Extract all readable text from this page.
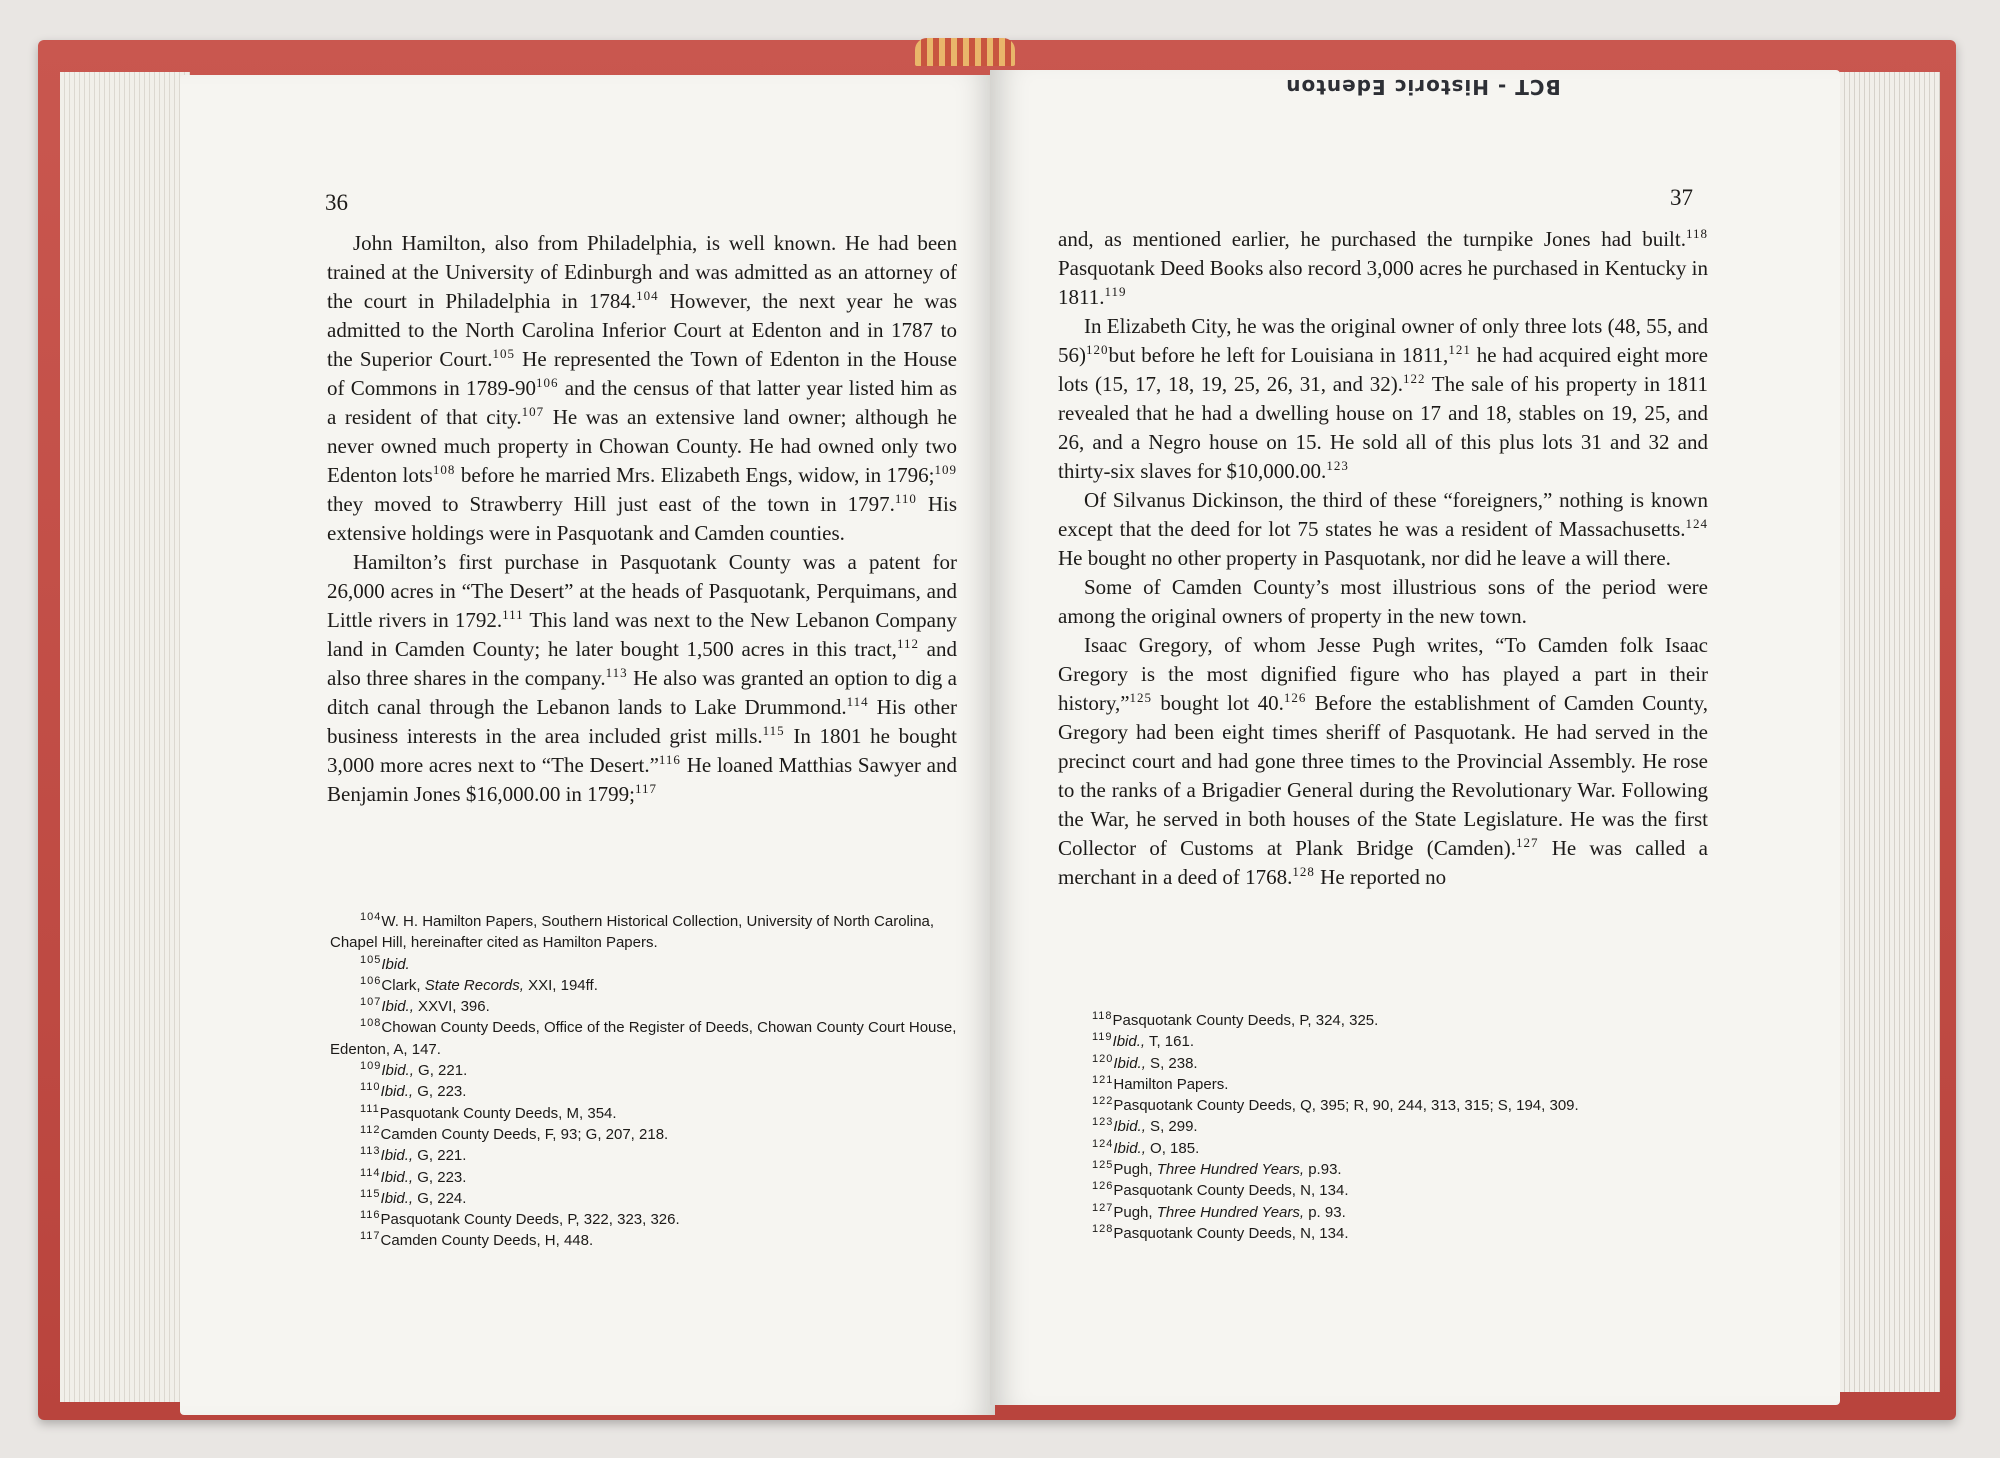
36

John Hamilton, also from Philadelphia, is well known. He had been trained at the University of Edinburgh and was admitted as an attorney of the court in Philadelphia in 1784.$^{104}$ However, the next year he was admitted to the North Carolina Inferior Court at Edenton and in 1787 to the Superior Court.$^{105}$ He represented the Town of Edenton in the House of Commons in $1789-90^{106}$ and the census of that latter year listed him as a resident of that city.$^{107}$ He was an extensive land owner; although he never owned much property in Chowan County. He had owned only two Edenton lots$^{108}$ before he married Mrs. Elizabeth Engs, widow, in 1796;$^{109}$ they moved to Strawberry Hill just east of the town in 1797.$^{110}$ His extensive holdings were in Pasquotank and Camden counties.

Hamilton’s first purchase in Pasquotank County was a patent for 26,000 acres in “The Desert” at the heads of Pasquotank, Perquimans, and Little rivers in 1792.$^{111}$ This land was next to the New Lebanon Company land in Camden County; he later bought 1,500 acres in this tract,$^{112}$ and also three shares in the company.$^{113}$ He also was granted an option to dig a ditch canal through the Lebanon lands to Lake Drummond.$^{114}$ His other business interests in the area included grist mills.$^{115}$ In 1801 he bought 3,000 more acres next to “The Desert.”$^{116}$ He loaned Matthias Sawyer and Benjamin Jones $16,000.00 in 1799;$^{117}$

$^{104}$W. H. Hamilton Papers, Southern Historical Collection, University of North Carolina, Chapel Hill, hereinafter cited as Hamilton Papers.
$^{105}$Ibid.
$^{106}$Clark, State Records, XXI, 194ff.
$^{107}$Ibid., XXVI, 396.
$^{108}$Chowan County Deeds, Office of the Register of Deeds, Chowan County Court House, Edenton, A, 147.
$^{109}$Ibid., G, 221.
$^{110}$Ibid., G, 223.
$^{111}$Pasquotank County Deeds, M, 354.
$^{112}$Camden County Deeds, F, 93; G, 207, 218.
$^{113}$Ibid., G, 221.
$^{114}$Ibid., G, 223.
$^{115}$Ibid., G, 224.
$^{116}$Pasquotank County Deeds, P, 322, 323, 326.
$^{117}$Camden County Deeds, H, 448.
BCT - Historic Edenton
37

and, as mentioned earlier, he purchased the turnpike Jones had built.$^{118}$ Pasquotank Deed Books also record 3,000 acres he purchased in Kentucky in 1811.$^{119}$

In Elizabeth City, he was the original owner of only three lots (48, 55, and 56)$^{120}$but before he left for Louisiana in 1811,$^{121}$ he had acquired eight more lots (15, 17, 18, 19, 25, 26, 31, and 32).$^{122}$ The sale of his property in 1811 revealed that he had a dwelling house on 17 and 18, stables on 19, 25, and 26, and a Negro house on 15. He sold all of this plus lots 31 and 32 and thirty-six slaves for $10,000.00.$^{123}$

Of Silvanus Dickinson, the third of these “foreigners,” nothing is known except that the deed for lot 75 states he was a resident of Massachusetts.$^{124}$ He bought no other property in Pasquotank, nor did he leave a will there.

Some of Camden County’s most illustrious sons of the period were among the original owners of property in the new town.

Isaac Gregory, of whom Jesse Pugh writes, “To Camden folk Isaac Gregory is the most dignified figure who has played a part in their history,”$^{125}$ bought lot 40.$^{126}$ Before the establishment of Camden County, Gregory had been eight times sheriff of Pasquotank. He had served in the precinct court and had gone three times to the Provincial Assembly. He rose to the ranks of a Brigadier General during the Revolutionary War. Following the War, he served in both houses of the State Legislature. He was the first Collector of Customs at Plank Bridge (Camden).$^{127}$ He was called a merchant in a deed of 1768.$^{128}$ He reported no

$^{118}$Pasquotank County Deeds, P, 324, 325.
$^{119}$Ibid., T, 161.
$^{120}$Ibid., S, 238.
$^{121}$Hamilton Papers.
$^{122}$Pasquotank County Deeds, Q, 395; R, 90, 244, 313, 315; S, 194, 309.
$^{123}$Ibid., S, 299.
$^{124}$Ibid., O, 185.
$^{125}$Pugh, Three Hundred Years, p.93.
$^{126}$Pasquotank County Deeds, N, 134.
$^{127}$Pugh, Three Hundred Years, p. 93.
$^{128}$Pasquotank County Deeds, N, 134.
